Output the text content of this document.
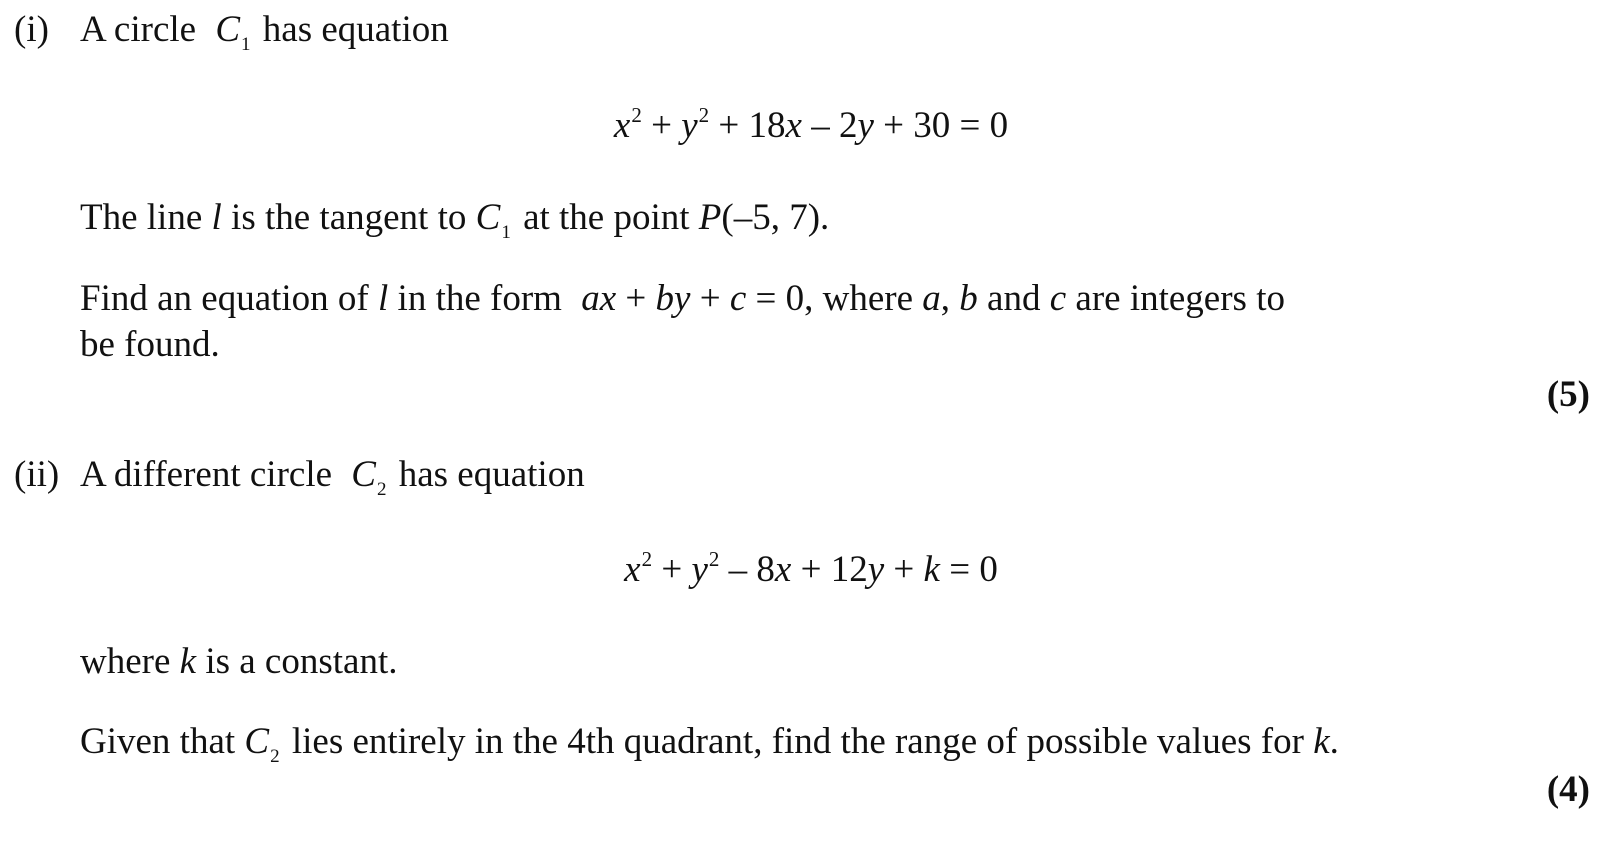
(i) A circle $C_1$ has equation
$x^2 + y^2 + 18x - 2y + 30 = 0$
The line l is the tangent to $C_1$ at the point P(–5, 7).
Find an equation of l in the form ax + by + c = 0, where a, b and c are integers to
be found.
(5)
(ii) A different circle $C_2$ has equation
$x^2 + y^2 - 8x + 12y + k = 0$
where k is a constant.
Given that $C_2$ lies entirely in the 4th quadrant, find the range of possible values for k.
(4)
